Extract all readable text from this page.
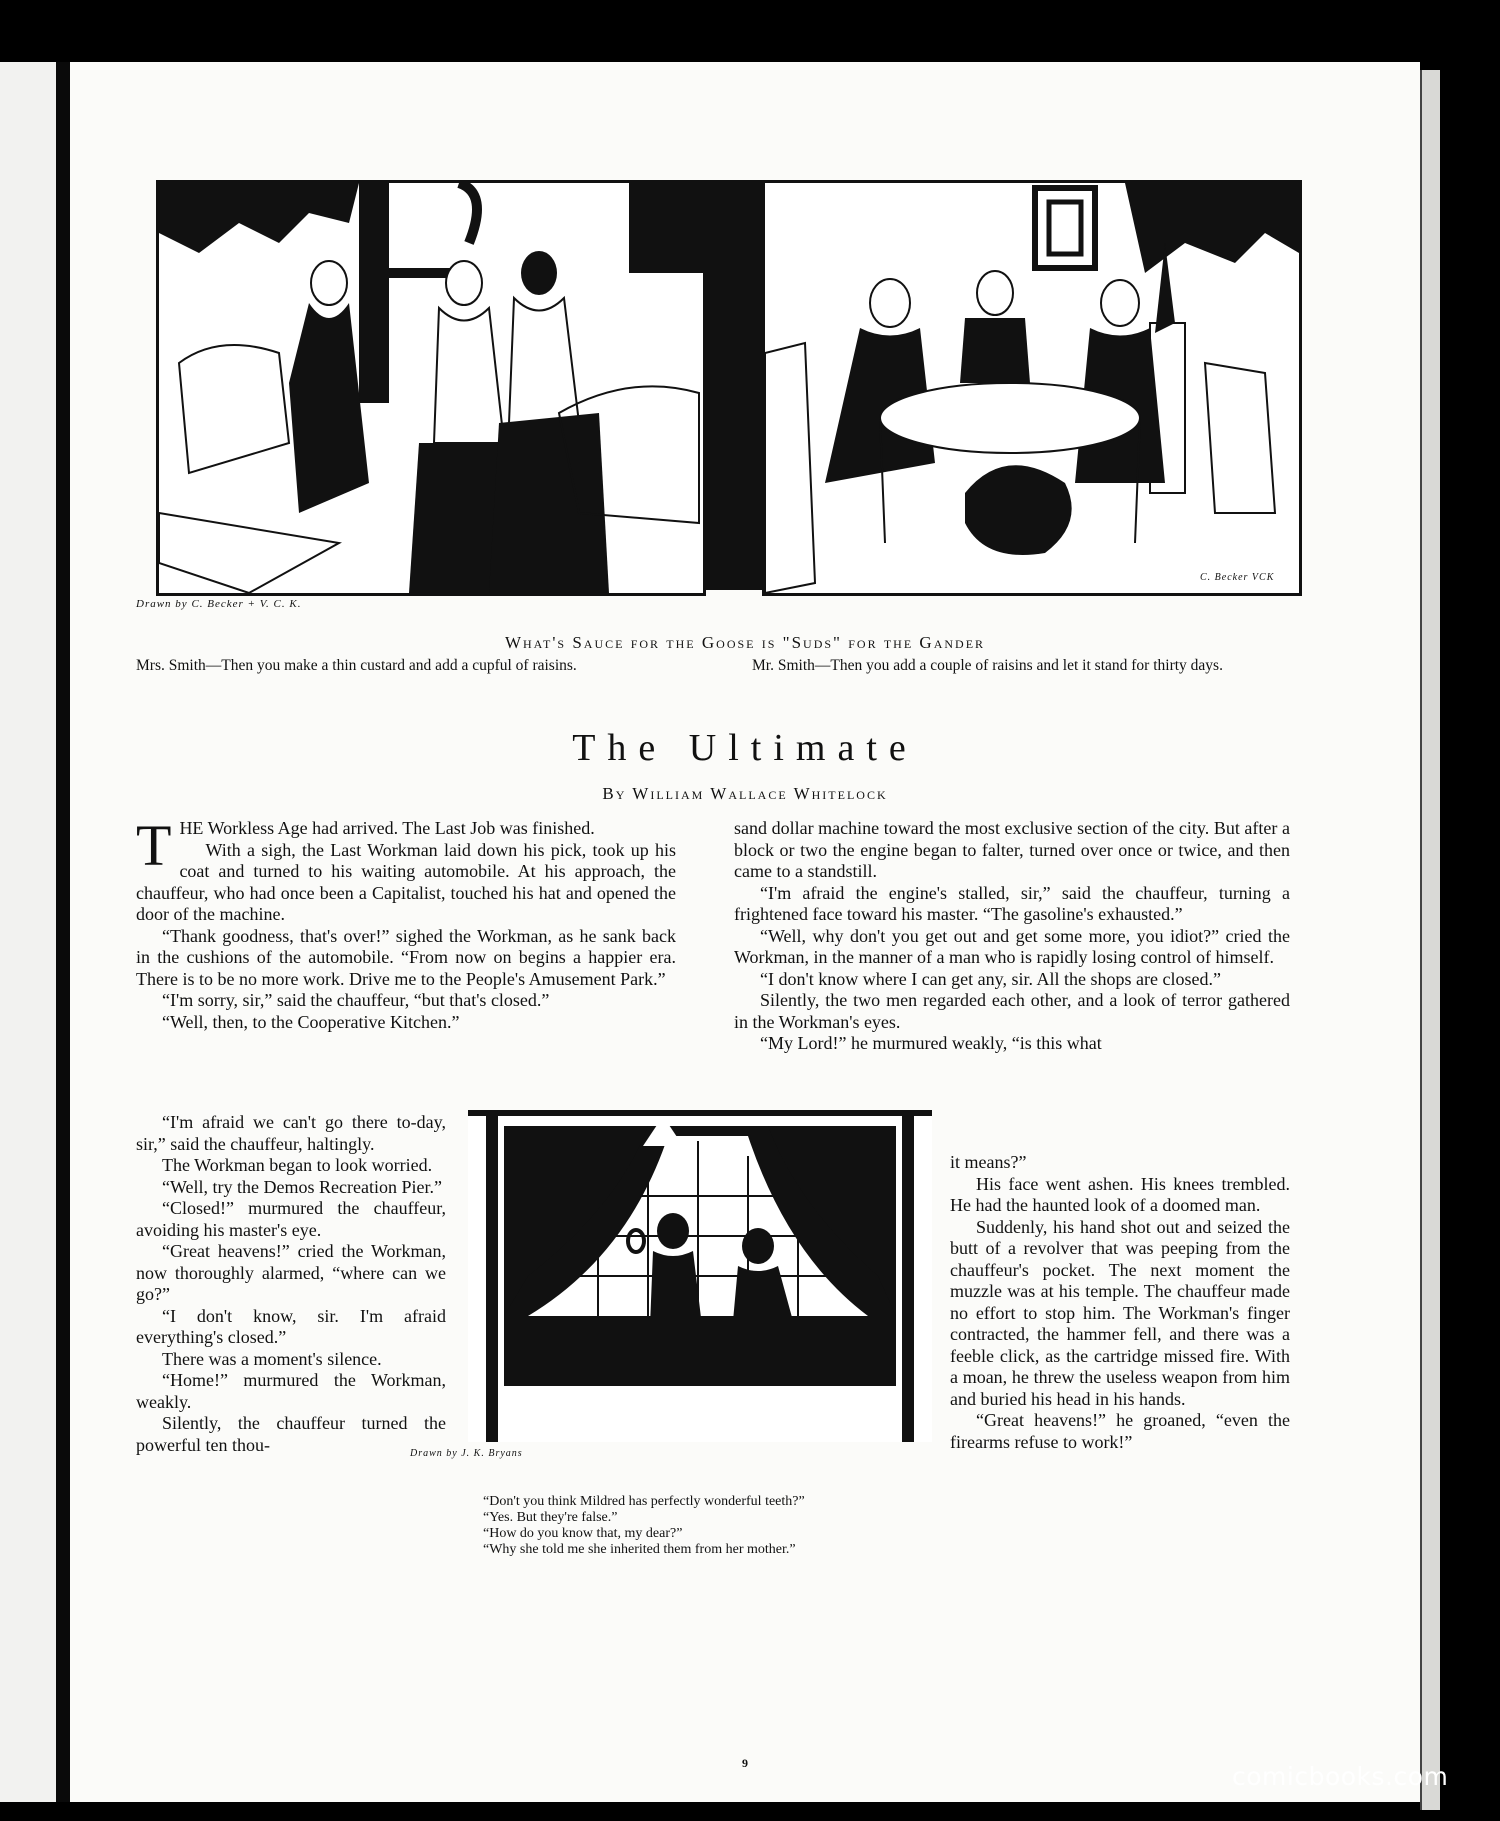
Drawn by C. Becker + V. C. K.
C. Becker VCK
What's Sauce for the Goose is "Suds" for the Gander
Mrs. Smith—Then you make a thin custard and add a cupful of raisins.	Mr. Smith—Then you add a couple of raisins and let it stand for thirty days.
The Ultimate
By William Wallace Whitelock

THE Workless Age had arrived. The Last Job was finished.

With a sigh, the Last Workman laid down his pick, took up his coat and turned to his waiting automobile. At his approach, the chauffeur, who had once been a Capitalist, touched his hat and opened the door of the machine.

“Thank goodness, that's over!” sighed the Workman, as he sank back in the cushions of the automobile. “From now on begins a happier era. There is to be no more work. Drive me to the People's Amusement Park.”

“I'm sorry, sir,” said the chauffeur, “but that's closed.”

“Well, then, to the Cooperative Kitchen.”

“I'm afraid we can't go there to-day, sir,” said the chauffeur, haltingly.

The Workman began to look worried.

“Well, try the Demos Recreation Pier.”

“Closed!” murmured the chauffeur, avoiding his master's eye.

“Great heavens!” cried the Workman, now thoroughly alarmed, “where can we go?”

“I don't know, sir. I'm afraid everything's closed.”

There was a moment's silence.

“Home!” murmured the Workman, weakly.

Silently, the chauffeur turned the powerful ten thou-

sand dollar machine toward the most exclusive section of the city. But after a block or two the engine began to falter, turned over once or twice, and then came to a standstill.

“I'm afraid the engine's stalled, sir,” said the chauffeur, turning a frightened face toward his master. “The gasoline's exhausted.”

“Well, why don't you get out and get some more, you idiot?” cried the Workman, in the manner of a man who is rapidly losing control of himself.

“I don't know where I can get any, sir. All the shops are closed.”

Silently, the two men regarded each other, and a look of terror gathered in the Workman's eyes.

“My Lord!” he murmured weakly, “is this what

it means?”

His face went ashen. His knees trembled. He had the haunted look of a doomed man.

Suddenly, his hand shot out and seized the butt of a revolver that was peeping from the chauffeur's pocket. The next moment the muzzle was at his temple. The chauffeur made no effort to stop him. The Workman's finger contracted, the hammer fell, and there was a feeble click, as the cartridge missed fire. With a moan, he threw the useless weapon from him and buried his head in his hands.

“Great heavens!” he groaned, “even the firearms refuse to work!”

Drawn by J. K. Bryans
“Don't you think Mildred has perfectly wonderful teeth?”
“Yes. But they're false.”
“How do you know that, my dear?”
“Why she told me she inherited them from her mother.”
9	comicbooks.com
